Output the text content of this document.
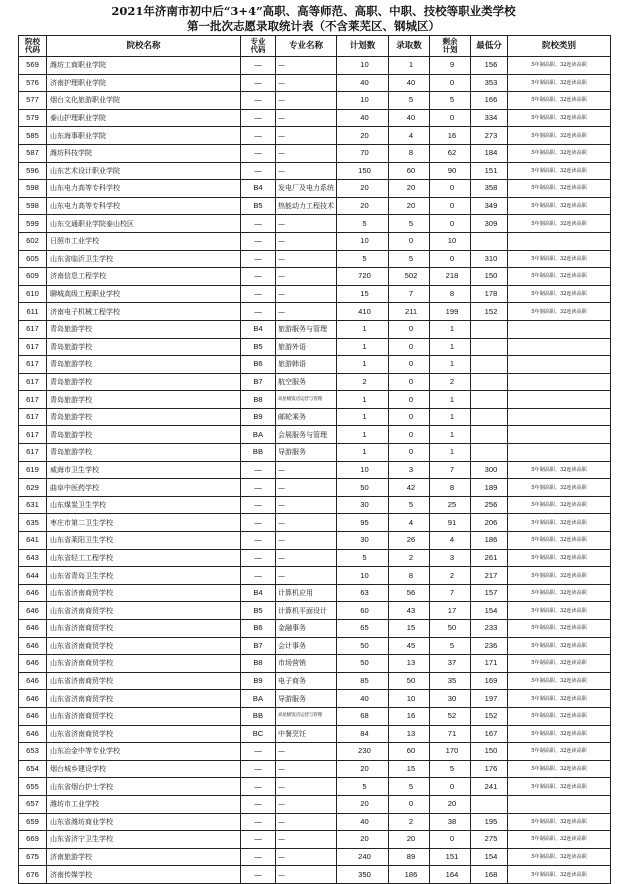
2021年济南市初中后“3+4”高职、高等师范、高职、中职、技校等职业类学校
第一批次志愿录取统计表（不含莱芜区、钢城区）
院校
代码	院校名称	专业
代码	专业名称	计划数	录取数	剩余
计划	最低分	院校类别
569	潍坊工商职业学院	—	—	10	1	9	156	5年制高职、32连读高职
576	济南护理职业学院	—	—	40	40	0	353	5年制高职、32连读高职
577	烟台文化旅游职业学院	—	—	10	5	5	166	5年制高职、32连读高职
579	泰山护理职业学院	—	—	40	40	0	334	5年制高职、32连读高职
585	山东海事职业学院	—	—	20	4	16	273	5年制高职、32连读高职
587	潍坊科技学院	—	—	70	8	62	184	5年制高职、32连读高职
596	山东艺术设计职业学院	—	—	150	60	90	151	5年制高职、32连读高职
598	山东电力高等专科学校	B4	发电厂及电力系统	20	20	0	358	5年制高职、32连读高职
598	山东电力高等专科学校	B5	热能动力工程技术	20	20	0	349	5年制高职、32连读高职
599	山东交通职业学院泰山校区	—	—	5	5	0	309	5年制高职、32连读高职
602	日照市工业学校	—	—	10	0	10		
605	山东省临沂卫生学校	—	—	5	5	0	310	5年制高职、32连读高职
609	济南信息工程学校	—	—	720	502	218	150	5年制高职、32连读高职
610	聊城高级工程职业学校	—	—	15	7	8	178	5年制高职、32连读高职
611	济南电子机械工程学校	—	—	410	211	199	152	5年制高职、32连读高职
617	青岛旅游学校	B4	旅游服务与管理	1	0	1		
617	青岛旅游学校	B5	旅游外语	1	0	1		
617	青岛旅游学校	B6	旅游韩语	1	0	1		
617	青岛旅游学校	B7	航空服务	2	0	2		
617	青岛旅游学校	B8	高星级饭店运营与管理	1	0	1		
617	青岛旅游学校	B9	邮轮乘务	1	0	1		
617	青岛旅游学校	BA	会展服务与管理	1	0	1		
617	青岛旅游学校	BB	导游服务	1	0	1		
619	威海市卫生学校	—	—	10	3	7	300	5年制高职、32连读高职
629	曲阜中医药学校	—	—	50	42	8	189	5年制高职、32连读高职
631	山东煤炭卫生学校	—	—	30	5	25	256	5年制高职、32连读高职
635	枣庄市第二卫生学校	—	—	95	4	91	206	5年制高职、32连读高职
641	山东省莱阳卫生学校	—	—	30	26	4	186	5年制高职、32连读高职
643	山东省轻工工程学校	—	—	5	2	3	261	5年制高职、32连读高职
644	山东省青岛卫生学校	—	—	10	8	2	217	5年制高职、32连读高职
646	山东省济南商贸学校	B4	计算机应用	63	56	7	157	5年制高职、32连读高职
646	山东省济南商贸学校	B5	计算机平面设计	60	43	17	154	5年制高职、32连读高职
646	山东省济南商贸学校	B6	金融事务	65	15	50	233	5年制高职、32连读高职
646	山东省济南商贸学校	B7	会计事务	50	45	5	236	5年制高职、32连读高职
646	山东省济南商贸学校	B8	市场营销	50	13	37	171	5年制高职、32连读高职
646	山东省济南商贸学校	B9	电子商务	85	50	35	169	5年制高职、32连读高职
646	山东省济南商贸学校	BA	导游服务	40	10	30	197	5年制高职、32连读高职
646	山东省济南商贸学校	BB	高星级饭店运营与管理	68	16	52	152	5年制高职、32连读高职
646	山东省济南商贸学校	BC	中餐烹饪	84	13	71	167	5年制高职、32连读高职
653	山东冶金中等专业学校	—	—	230	60	170	150	5年制高职、32连读高职
654	烟台城乡建设学校	—	—	20	15	5	176	5年制高职、32连读高职
655	山东省烟台护士学校	—	—	5	5	0	241	5年制高职、32连读高职
657	潍坊市工业学校	—	—	20	0	20		
659	山东省潍坊商业学校	—	—	40	2	38	195	5年制高职、32连读高职
669	山东省济宁卫生学校	—	—	20	20	0	275	5年制高职、32连读高职
675	济南旅游学校	—	—	240	89	151	154	5年制高职、32连读高职
676	济南传媒学校	—	—	350	186	164	168	5年制高职、32连读高职
